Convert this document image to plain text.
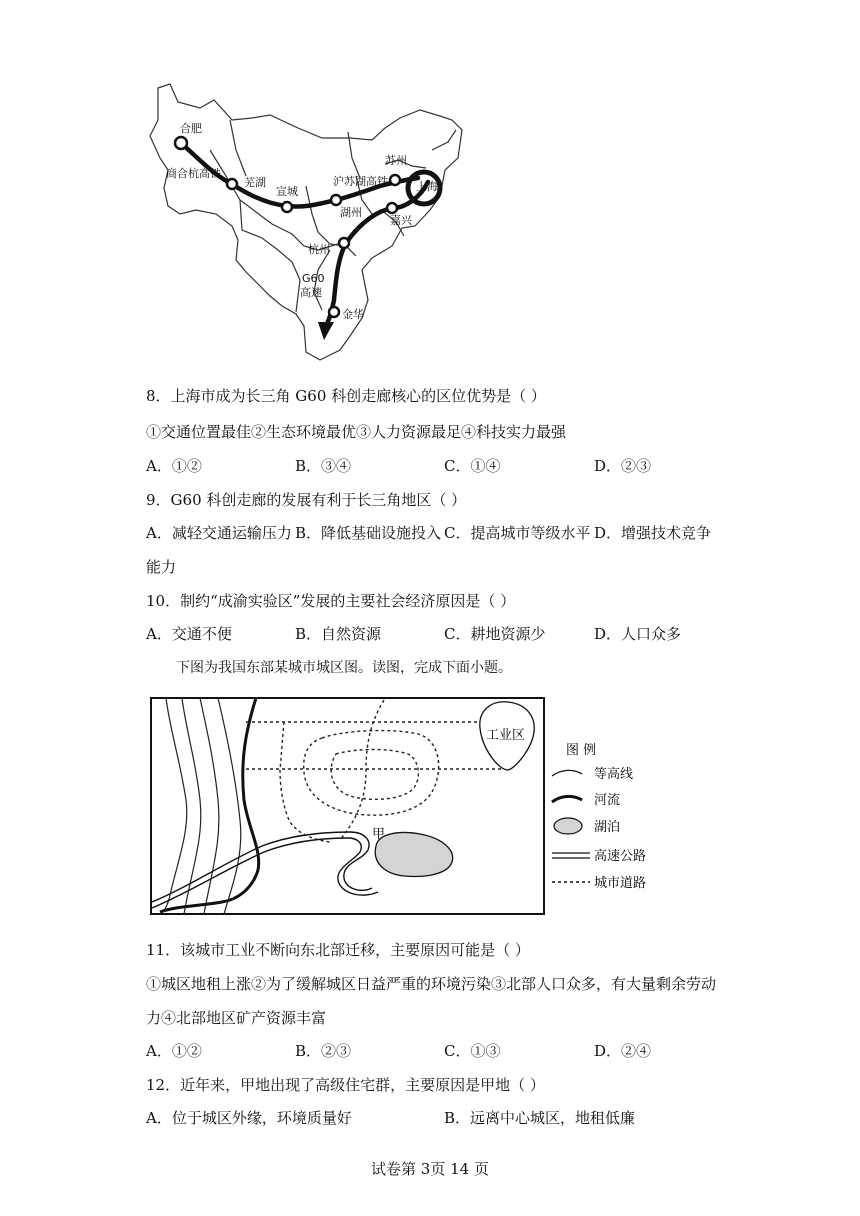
合肥
商合杭高铁
芜湖
宣城
苏州
沪苏湖高铁	上海
湖州
嘉兴
杭州
G60
高速
金华
8．上海市成为长三角 G60 科创走廊核心的区位优势是（ ）
①交通位置最佳②生态环境最优③人力资源最足④科技实力最强
A．①②	B．③④	C．①④	D．②③
9．G60 科创走廊的发展有利于长三角地区（ ）
A．减轻交通运输压力 B．降低基础设施投入 C．提高城市等级水平 D．增强技术竞争
能力
10．制约“成渝实验区”发展的主要社会经济原因是（ ）
A．交通不便	B．自然资源	C．耕地资源少	D．人口众多
下图为我国东部某城市城区图。读图，完成下面小题。
工业区
甲
图 例
等高线
河流
湖泊
高速公路
城市道路
11．该城市工业不断向东北部迁移，主要原因可能是（ ）
①城区地租上涨②为了缓解城区日益严重的环境污染③北部人口众多，有大量剩余劳动
力④北部地区矿产资源丰富
A．①②	B．②③	C．①③	D．②④
12．近年来，甲地出现了高级住宅群，主要原因是甲地（ ）
A．位于城区外缘，环境质量好	B．远离中心城区，地租低廉
试卷第 3页 14 页
